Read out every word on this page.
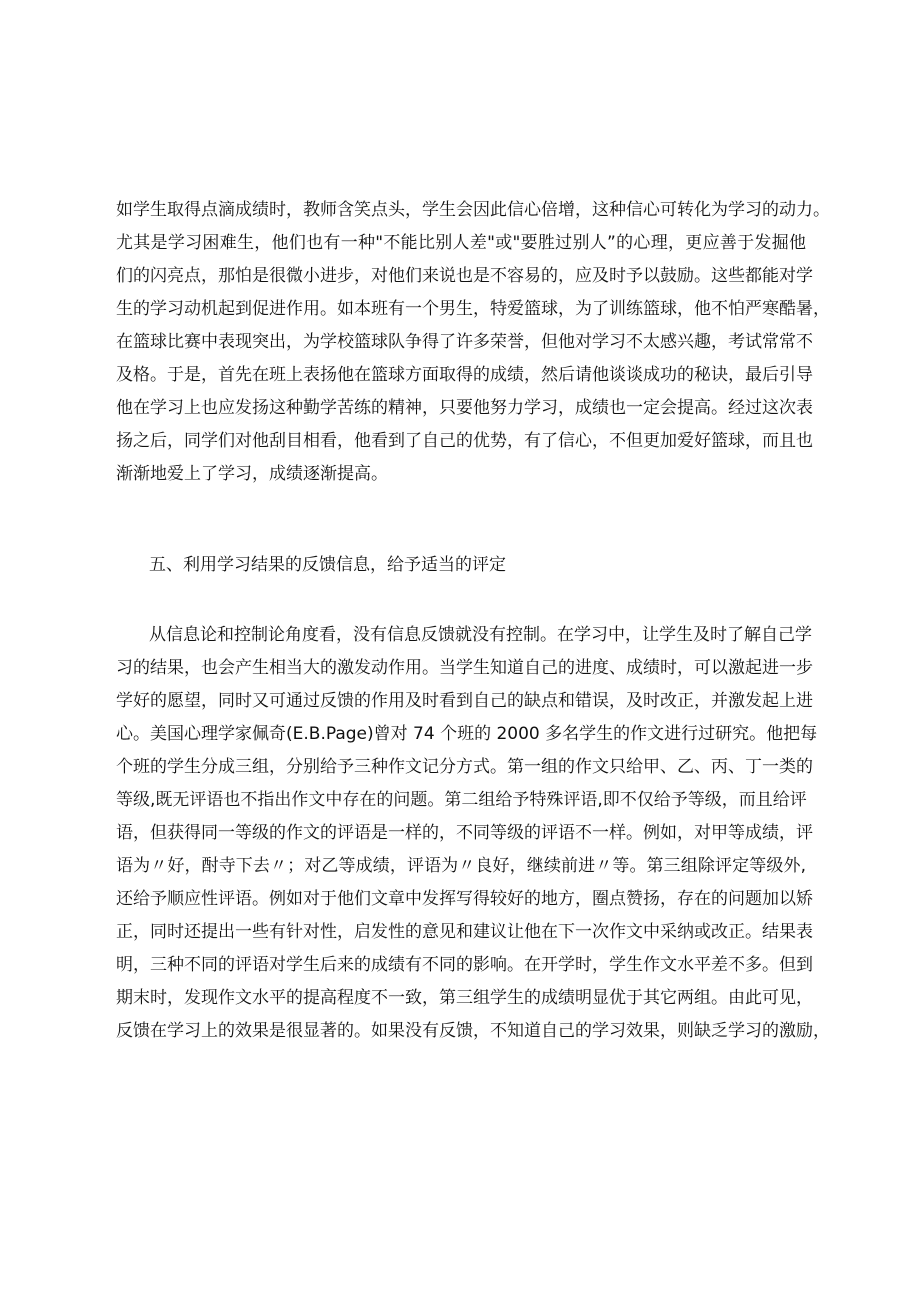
如学生取得点滴成绩时，教师含笑点头，学生会因此信心倍增，这种信心可转化为学习的动力。
尤其是学习困难生，他们也有一种"不能比别人差"或"要胜过别人”的心理，更应善于发掘他
们的闪亮点，那怕是很微小进步，对他们来说也是不容易的，应及时予以鼓励。这些都能对学
生的学习动机起到促进作用。如本班有一个男生，特爱篮球，为了训练篮球，他不怕严寒酷暑，
在篮球比赛中表现突出，为学校篮球队争得了许多荣誉，但他对学习不太感兴趣，考试常常不
及格。于是，首先在班上表扬他在篮球方面取得的成绩，然后请他谈谈成功的秘诀，最后引导
他在学习上也应发扬这种勤学苦练的精神，只要他努力学习，成绩也一定会提高。经过这次表
扬之后，同学们对他刮目相看，他看到了自己的优势，有了信心，不但更加爱好篮球，而且也
渐渐地爱上了学习，成绩逐渐提高。
五、利用学习结果的反馈信息，给予适当的评定
从信息论和控制论角度看，没有信息反馈就没有控制。在学习中，让学生及时了解自己学
习的结果，也会产生相当大的激发动作用。当学生知道自己的进度、成绩时，可以激起进一步
学好的愿望，同时又可通过反馈的作用及时看到自己的缺点和错误，及时改正，并激发起上进
心。美国心理学家佩奇(E.B.Page)曾对 74 个班的 2000 多名学生的作文进行过研究。他把每
个班的学生分成三组，分别给予三种作文记分方式。第一组的作文只给甲、乙、丙、丁一类的
等级,既无评语也不指出作文中存在的问题。第二组给予特殊评语,即不仅给予等级，而且给评
语，但获得同一等级的作文的评语是一样的，不同等级的评语不一样。例如，对甲等成绩，评
语为〃好，酎寺下去〃；对乙等成绩，评语为〃良好，继续前进〃等。第三组除评定等级外,
还给予顺应性评语。例如对于他们文章中发挥写得较好的地方，圈点赞扬，存在的问题加以矫
正，同时还提出一些有针对性，启发性的意见和建议让他在下一次作文中采纳或改正。结果表
明，三种不同的评语对学生后来的成绩有不同的影响。在开学时，学生作文水平差不多。但到
期末时，发现作文水平的提高程度不一致，第三组学生的成绩明显优于其它两组。由此可见，
反馈在学习上的效果是很显著的。如果没有反馈，不知道自己的学习效果，则缺乏学习的激励，
